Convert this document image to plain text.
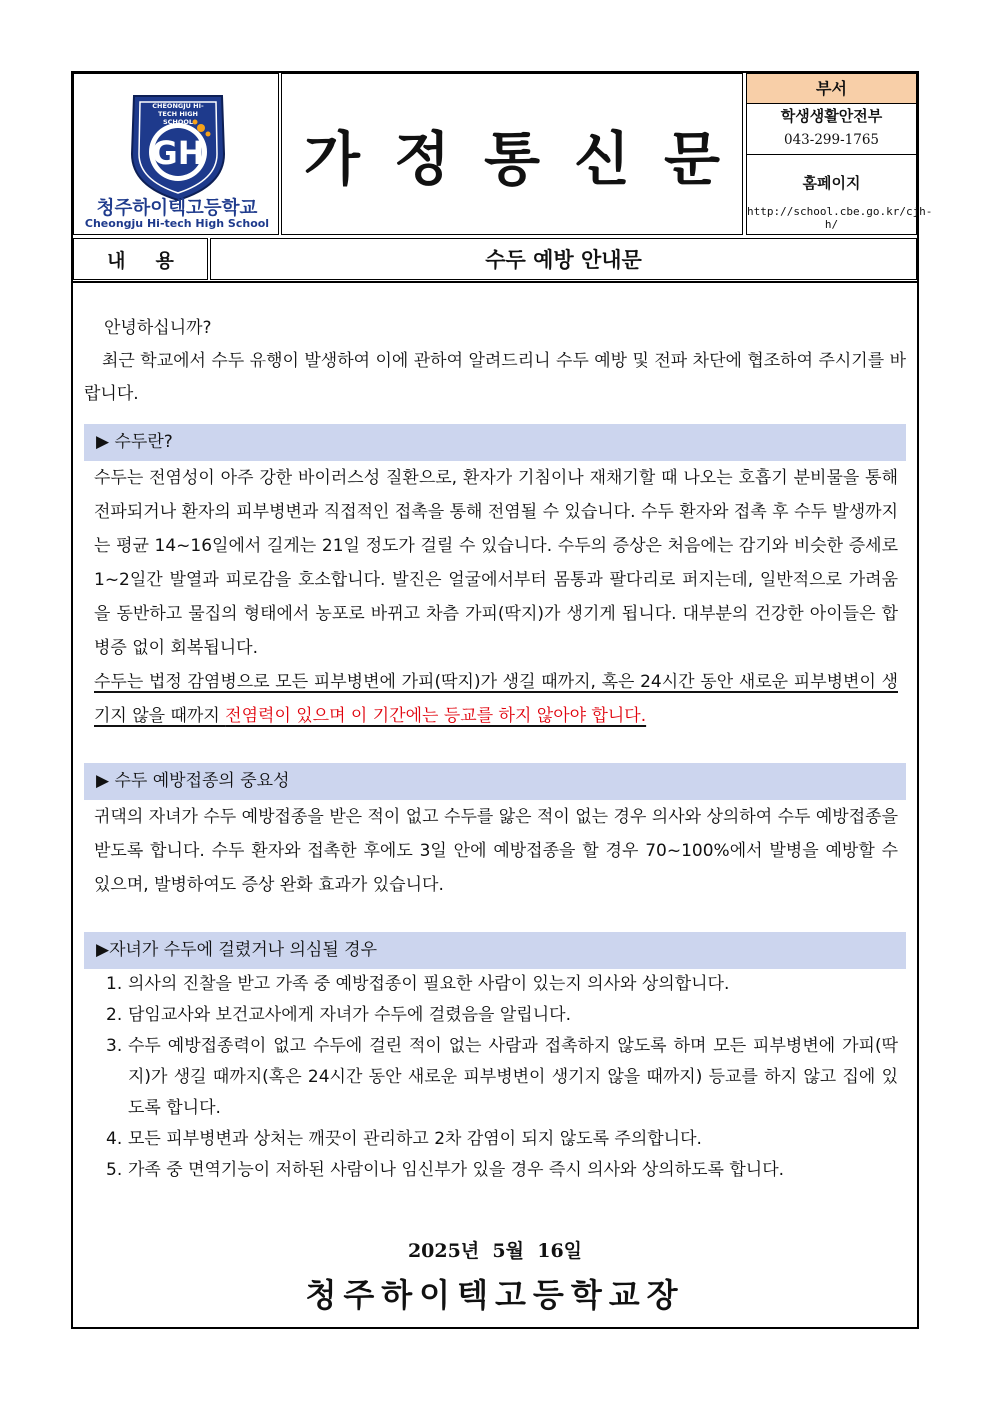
GH
CHEONGJU HI-TECH HIGH SCHOOL
청주하이텍고등학교
Cheongju Hi-tech High School
가정통신문
부서
학생생활안전부
043-299-1765
홈페이지
http://school.cbe.go.kr/cjh-h/
내용	수두 예방 안내문

안녕하십니까?

최근 학교에서 수두 유행이 발생하여 이에 관하여 알려드리니 수두 예방 및 전파 차단에 협조하여 주시기를 바랍니다.

▶ 수두란?
수두는 전염성이 아주 강한 바이러스성 질환으로, 환자가 기침이나 재채기할 때 나오는 호흡기 분비물을 통해 전파되거나 환자의 피부병변과 직접적인 접촉을 통해 전염될 수 있습니다. 수두 환자와 접촉 후 수두 발생까지는 평균 14~16일에서 길게는 21일 정도가 걸릴 수 있습니다. 수두의 증상은 처음에는 감기와 비슷한 증세로 1~2일간 발열과 피로감을 호소합니다. 발진은 얼굴에서부터 몸통과 팔다리로 퍼지는데, 일반적으로 가려움을 동반하고 물집의 형태에서 농포로 바뀌고 차츰 가피(딱지)가 생기게 됩니다. 대부분의 건강한 아이들은 합병증 없이 회복됩니다.
수두는 법정 감염병으로 모든 피부병변에 가피(딱지)가 생길 때까지, 혹은 24시간 동안 새로운 피부병변이 생기지 않을 때까지 전염력이 있으며 이 기간에는 등교를 하지 않아야 합니다.
▶ 수두 예방접종의 중요성
귀댁의 자녀가 수두 예방접종을 받은 적이 없고 수두를 앓은 적이 없는 경우 의사와 상의하여 수두 예방접종을 받도록 합니다. 수두 환자와 접촉한 후에도 3일 안에 예방접종을 할 경우 70~100%에서 발병을 예방할 수 있으며, 발병하여도 증상 완화 효과가 있습니다.
▶자녀가 수두에 걸렸거나 의심될 경우
1. 의사의 진찰을 받고 가족 중 예방접종이 필요한 사람이 있는지 의사와 상의합니다.
2. 담임교사와 보건교사에게 자녀가 수두에 걸렸음을 알립니다.
3. 수두 예방접종력이 없고 수두에 걸린 적이 없는 사람과 접촉하지 않도록 하며 모든 피부병변에 가피(딱지)가 생길 때까지(혹은 24시간 동안 새로운 피부병변이 생기지 않을 때까지) 등교를 하지 않고 집에 있도록 합니다.
4. 모든 피부병변과 상처는 깨끗이 관리하고 2차 감염이 되지 않도록 주의합니다.
5. 가족 중 면역기능이 저하된 사람이나 임신부가 있을 경우 즉시 의사와 상의하도록 합니다.
2025년  5월  16일
청주하이텍고등학교장
